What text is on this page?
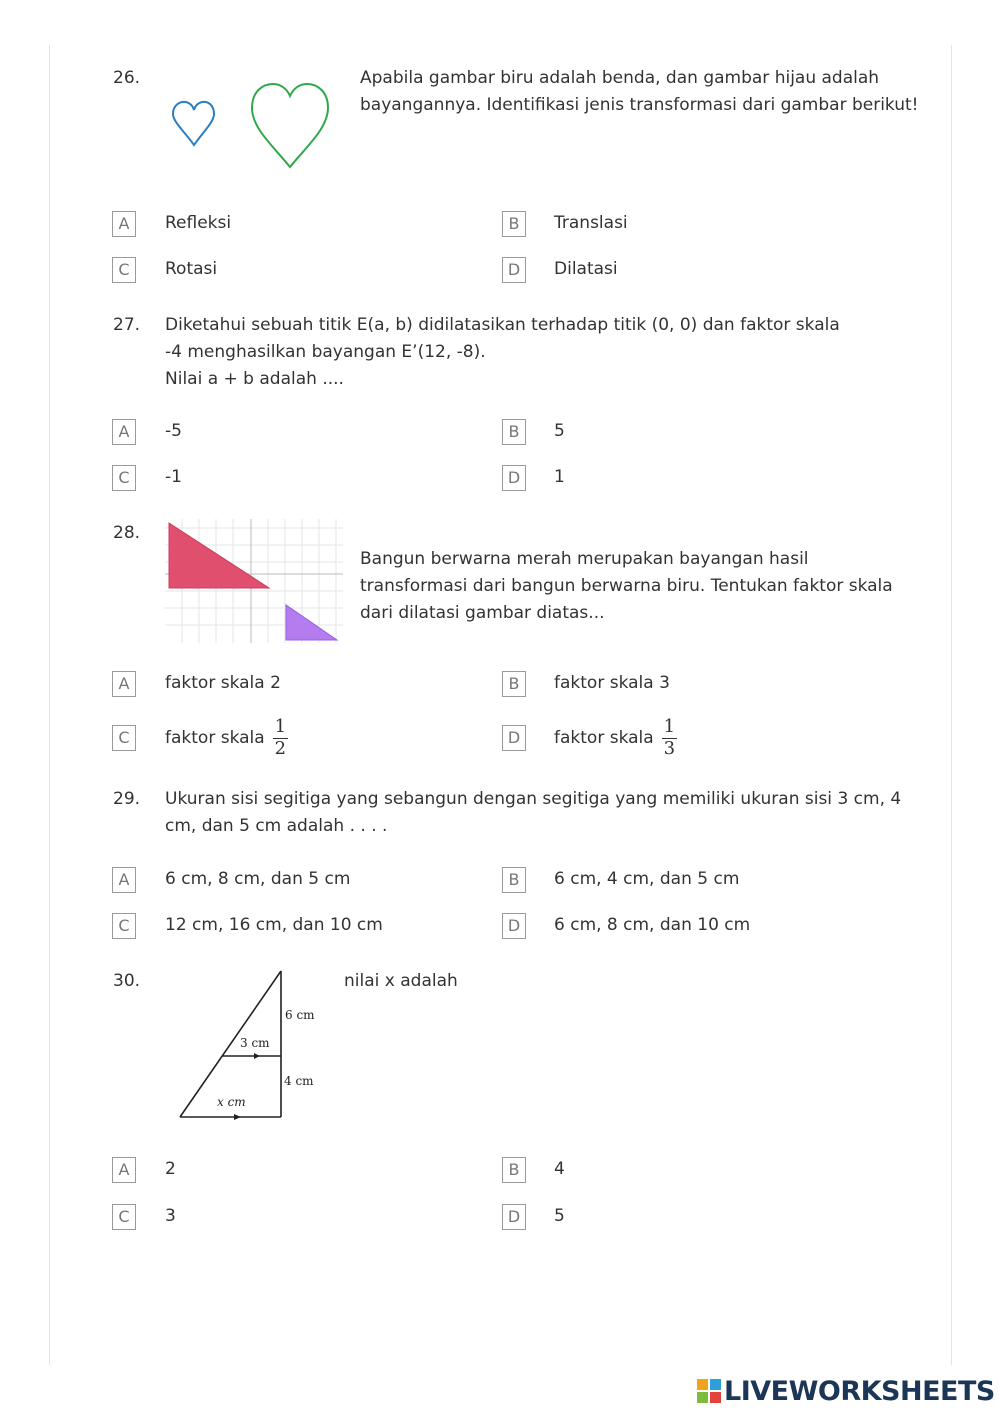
26.	Apabila gambar biru adalah benda, dan gambar hijau adalah bayangannya. Identifikasi jenis transformasi dari gambar berikut!
A	Refleksi	B	Translasi
C	Rotasi	D	Dilatasi
27. Diketahui sebuah titik E(a, b) didilatasikan terhadap titik (0, 0) dan faktor skala -4 menghasilkan bayangan E’(12, -8).
Nilai a + b adalah ....
A	-5	B	5
C	-1	D	1
28.
Bangun berwarna merah merupakan bayangan hasil transformasi dari bangun berwarna biru. Tentukan faktor skala dari dilatasi gambar diatas...
A	faktor skala 2	B	faktor skala 3
C	faktor skala $\frac{1}{2}$	D	faktor skala $\frac{1}{3}$
29. Ukuran sisi segitiga yang sebangun dengan segitiga yang memiliki ukuran sisi 3 cm, 4 cm, dan 5 cm adalah . . . .
A	6 cm, 8 cm, dan 5 cm	B	6 cm, 4 cm, dan 5 cm
C	12 cm, 16 cm, dan 10 cm	D	6 cm, 8 cm, dan 10 cm
30.
6 cm
3 cm
4 cm
x cm
nilai x adalah
A	2	B	4
C	3	D	5
LIVEWORKSHEETS
